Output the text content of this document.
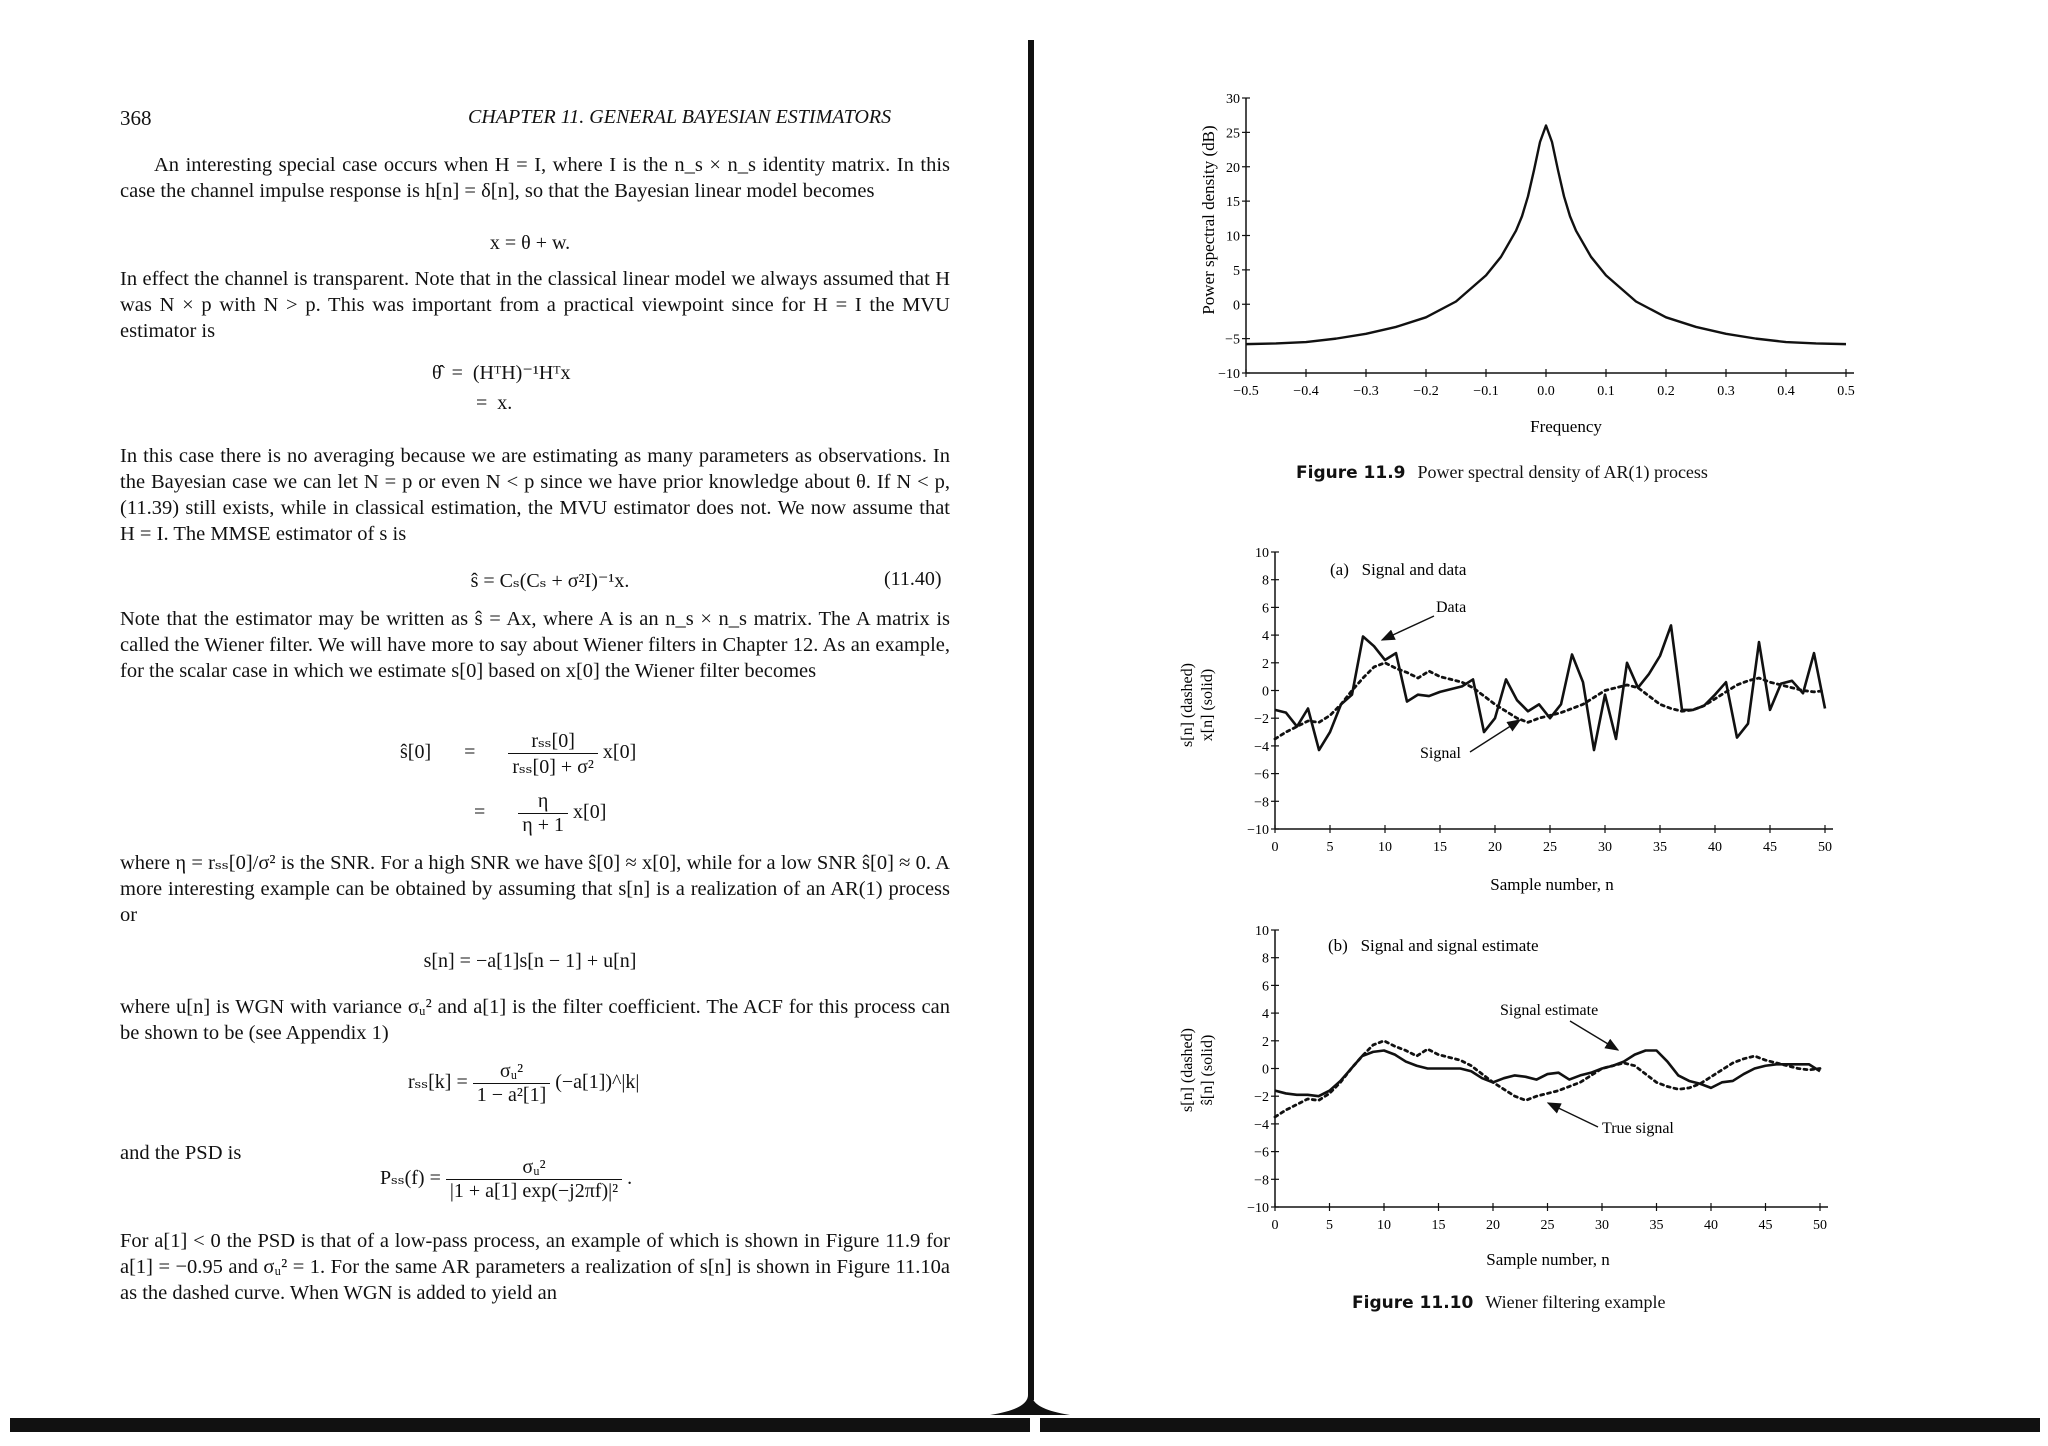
368	CHAPTER 11. GENERAL BAYESIAN ESTIMATORS
An interesting special case occurs when H = I, where I is the n_s × n_s identity matrix. In this case the channel impulse response is h[n] = δ[n], so that the Bayesian linear model becomes
x = θ + w.
In effect the channel is transparent. Note that in the classical linear model we always assumed that H was N × p with N > p. This was important from a practical viewpoint since for H = I the MVU estimator is
θ̂  =  (HᵀH)⁻¹Hᵀx
=  x.
In this case there is no averaging because we are estimating as many parameters as observations. In the Bayesian case we can let N = p or even N < p since we have prior knowledge about θ. If N < p, (11.39) still exists, while in classical estimation, the MVU estimator does not. We now assume that H = I. The MMSE estimator of s is
ŝ = Cₛ(Cₛ + σ²I)⁻¹x.	(11.40)
Note that the estimator may be written as ŝ = Ax, where A is an n_s × n_s matrix. The A matrix is called the Wiener filter. We will have more to say about Wiener filters in Chapter 12. As an example, for the scalar case in which we estimate s[0] based on x[0] the Wiener filter becomes
ŝ[0] = $\frac{\text{rₛₛ[0]}}{\text{rₛₛ[0] + σ²}} x[0]$
= $\frac{\eta}{\eta + 1} x[0]$
where η = rₛₛ[0]/σ² is the SNR. For a high SNR we have ŝ[0] ≈ x[0], while for a low SNR ŝ[0] ≈ 0. A more interesting example can be obtained by assuming that s[n] is a realization of an AR(1) process or
s[n] = −a[1]s[n − 1] + u[n]
where u[n] is WGN with variance σᵤ² and a[1] is the filter coefficient. The ACF for this process can be shown to be (see Appendix 1)
$r_{ss}[k] = \frac{\text{σᵤ²}}{\text{1 − a²[1]}}$ (−a[1])^|k|
and the PSD is
$P_{ss}(f) = \frac{\text{σᵤ²}}{\text{|1 + a[1] exp(−j2πf)|²}}$ .
For a[1] < 0 the PSD is that of a low-pass process, an example of which is shown in Figure 11.9 for a[1] = −0.95 and σᵤ² = 1. For the same AR parameters a realization of s[n] is shown in Figure 11.10a as the dashed curve. When WGN is added to yield an
Power spectral density (dB)
−10
−5
0
5
10
15
20
25
30
−0.5 −0.4 −0.3 −0.2 −0.1	0.0	0.1	0.2	0.3	0.4	0.5
Frequency
Figure 11.9 Power spectral density of AR(1) process
s[n] (dashed) x[n] (solid)
−10
−8
−6
−4
−2
0
2
4
6
8
10
0	5	10	15	20	25	30	35	40	45	50
(a)   Signal and data
Data
Signal
Sample number, n
s[n] (dashed) ŝ[n] (solid)
−10
−8
−6
−4
−2
0
2
4
6
8
10
0	5	10	15	20	25	30	35	40	45	50
(b)   Signal and signal estimate
Signal estimate
True signal
Sample number, n
Figure 11.10 Wiener filtering example
